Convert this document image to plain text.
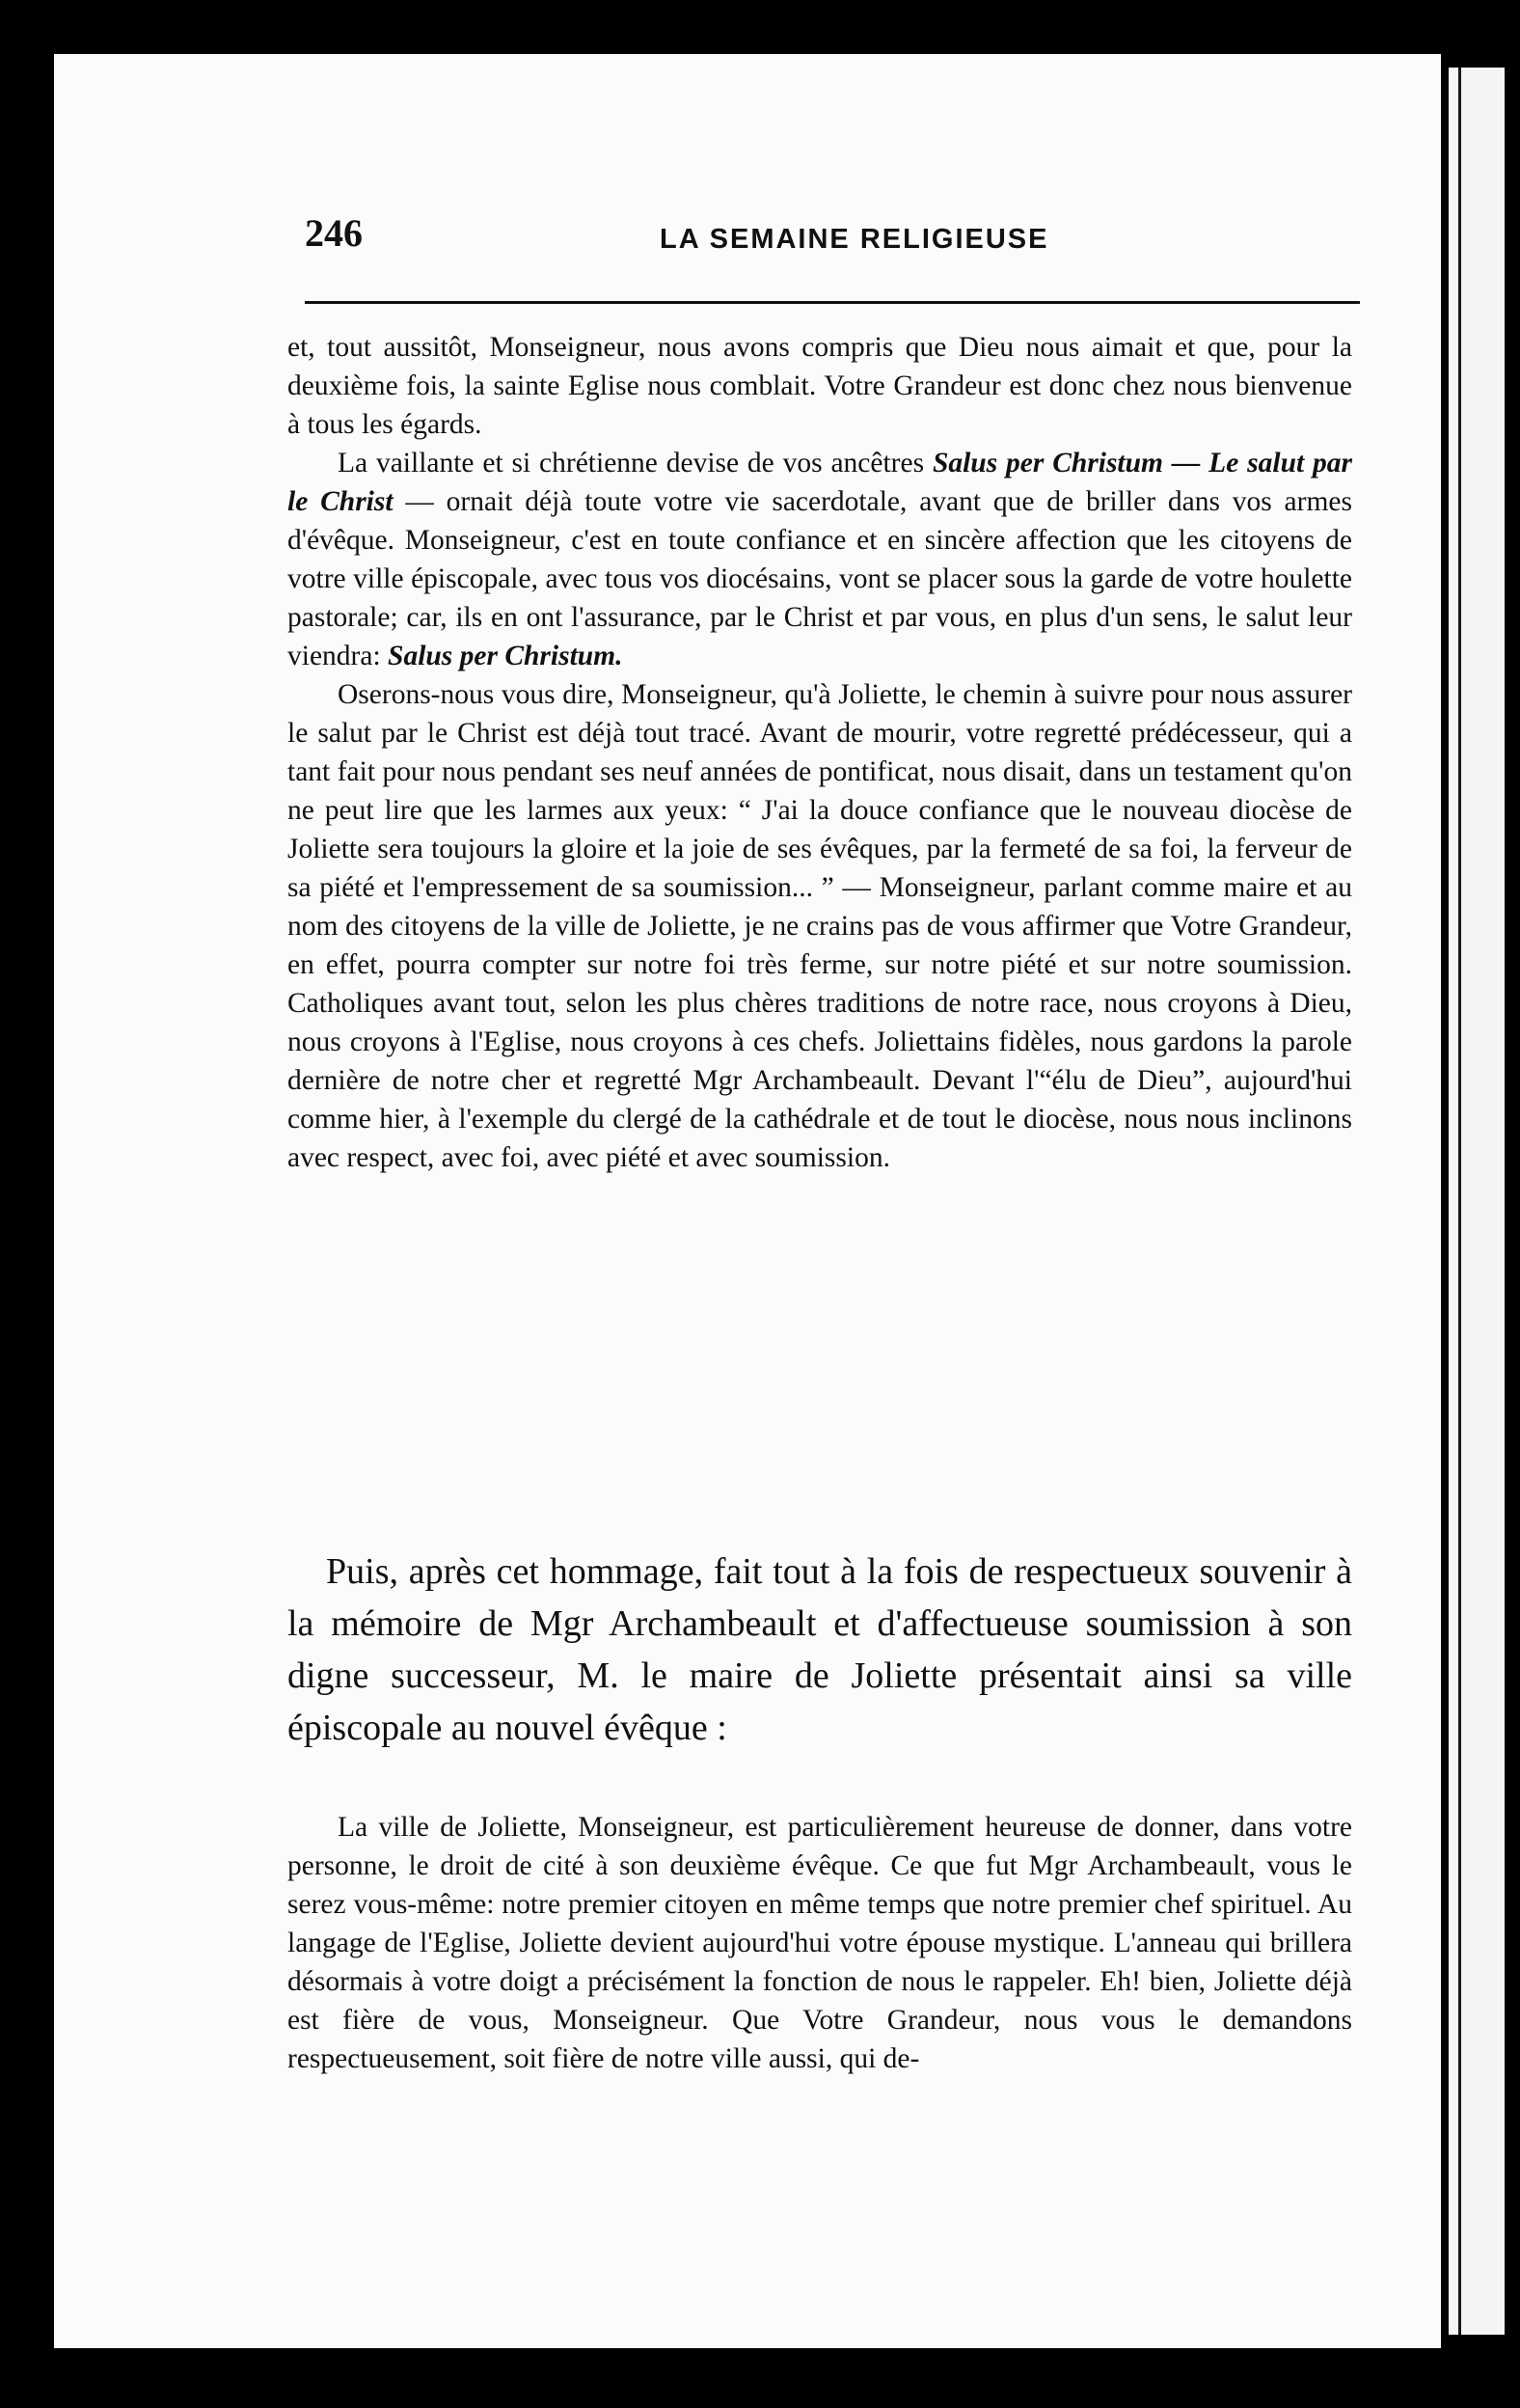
246	LA SEMAINE RELIGIEUSE

et, tout aussitôt, Monseigneur, nous avons compris que Dieu nous aimait et que, pour la deuxième fois, la sainte Eglise nous comblait. Votre Grandeur est donc chez nous bienvenue à tous les égards.

La vaillante et si chrétienne devise de vos ancêtres Salus per Christum — Le salut par le Christ — ornait déjà toute votre vie sacerdotale, avant que de briller dans vos armes d'évêque. Monseigneur, c'est en toute confiance et en sincère affection que les citoyens de votre ville épiscopale, avec tous vos diocésains, vont se placer sous la garde de votre houlette pastorale; car, ils en ont l'assurance, par le Christ et par vous, en plus d'un sens, le salut leur viendra: Salus per Christum.

Oserons-nous vous dire, Monseigneur, qu'à Joliette, le chemin à suivre pour nous assurer le salut par le Christ est déjà tout tracé. Avant de mourir, votre regretté prédécesseur, qui a tant fait pour nous pendant ses neuf années de pontificat, nous disait, dans un testament qu'on ne peut lire que les larmes aux yeux: “ J'ai la douce confiance que le nouveau diocèse de Joliette sera toujours la gloire et la joie de ses évêques, par la fermeté de sa foi, la ferveur de sa piété et l'empressement de sa soumission... ” — Monseigneur, parlant comme maire et au nom des citoyens de la ville de Joliette, je ne crains pas de vous affirmer que Votre Grandeur, en effet, pourra compter sur notre foi très ferme, sur notre piété et sur notre soumission. Catholiques avant tout, selon les plus chères traditions de notre race, nous croyons à Dieu, nous croyons à l'Eglise, nous croyons à ces chefs. Joliettains fidèles, nous gardons la parole dernière de notre cher et regretté Mgr Archambeault. Devant l'“élu de Dieu”, aujourd'hui comme hier, à l'exemple du clergé de la cathédrale et de tout le diocèse, nous nous inclinons avec respect, avec foi, avec piété et avec soumission.

Puis, après cet hommage, fait tout à la fois de respectueux souvenir à la mémoire de Mgr Archambeault et d'affectueuse soumission à son digne successeur, M. le maire de Joliette présentait ainsi sa ville épiscopale au nouvel évêque :

La ville de Joliette, Monseigneur, est particulièrement heureuse de donner, dans votre personne, le droit de cité à son deuxième évêque. Ce que fut Mgr Archambeault, vous le serez vous-même: notre premier citoyen en même temps que notre premier chef spirituel. Au langage de l'Eglise, Joliette devient aujourd'hui votre épouse mystique. L'anneau qui brillera désormais à votre doigt a précisément la fonction de nous le rappeler. Eh! bien, Joliette déjà est fière de vous, Monseigneur. Que Votre Grandeur, nous vous le demandons respectueusement, soit fière de notre ville aussi, qui de-
